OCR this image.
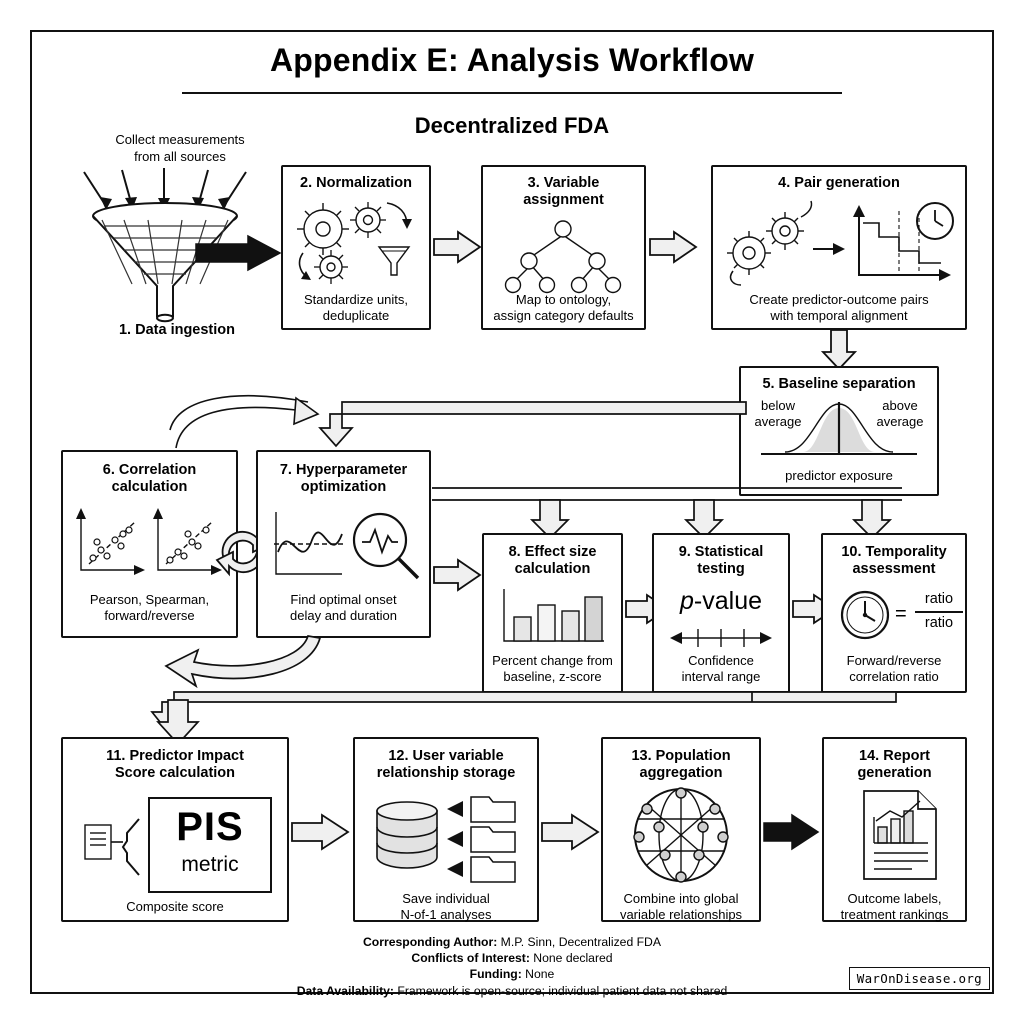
Appendix E: Analysis Workflow
Decentralized FDA
Collect measurements
from all sources
1. Data ingestion
2. Normalization
Standardize units,
deduplicate
3. Variable
assignment
Map to ontology,
assign category defaults
4. Pair generation
Create predictor-outcome pairs
with temporal alignment
5. Baseline separation
below
average
above
average
predictor exposure
6. Correlation
calculation
Pearson, Spearman,
forward/reverse
7. Hyperparameter
optimization
Find optimal onset
delay and duration
8. Effect size
calculation
Percent change from
baseline, z-score
9. Statistical
testing
p-value
Confidence
interval range
10. Temporality
assessment
=
ratio
ratio
Forward/reverse
correlation ratio
11. Predictor Impact
Score calculation
PIS
metric
Composite score
12. User variable
relationship storage
Save individual
N-of-1 analyses
13. Population
aggregation
Combine into global
variable relationships
14. Report
generation
Outcome labels,
treatment rankings
Corresponding Author: M.P. Sinn, Decentralized FDA
Conflicts of Interest: None declared
Funding: None
Data Availability: Framework is open-source; individual patient data not shared
WarOnDisease.org
